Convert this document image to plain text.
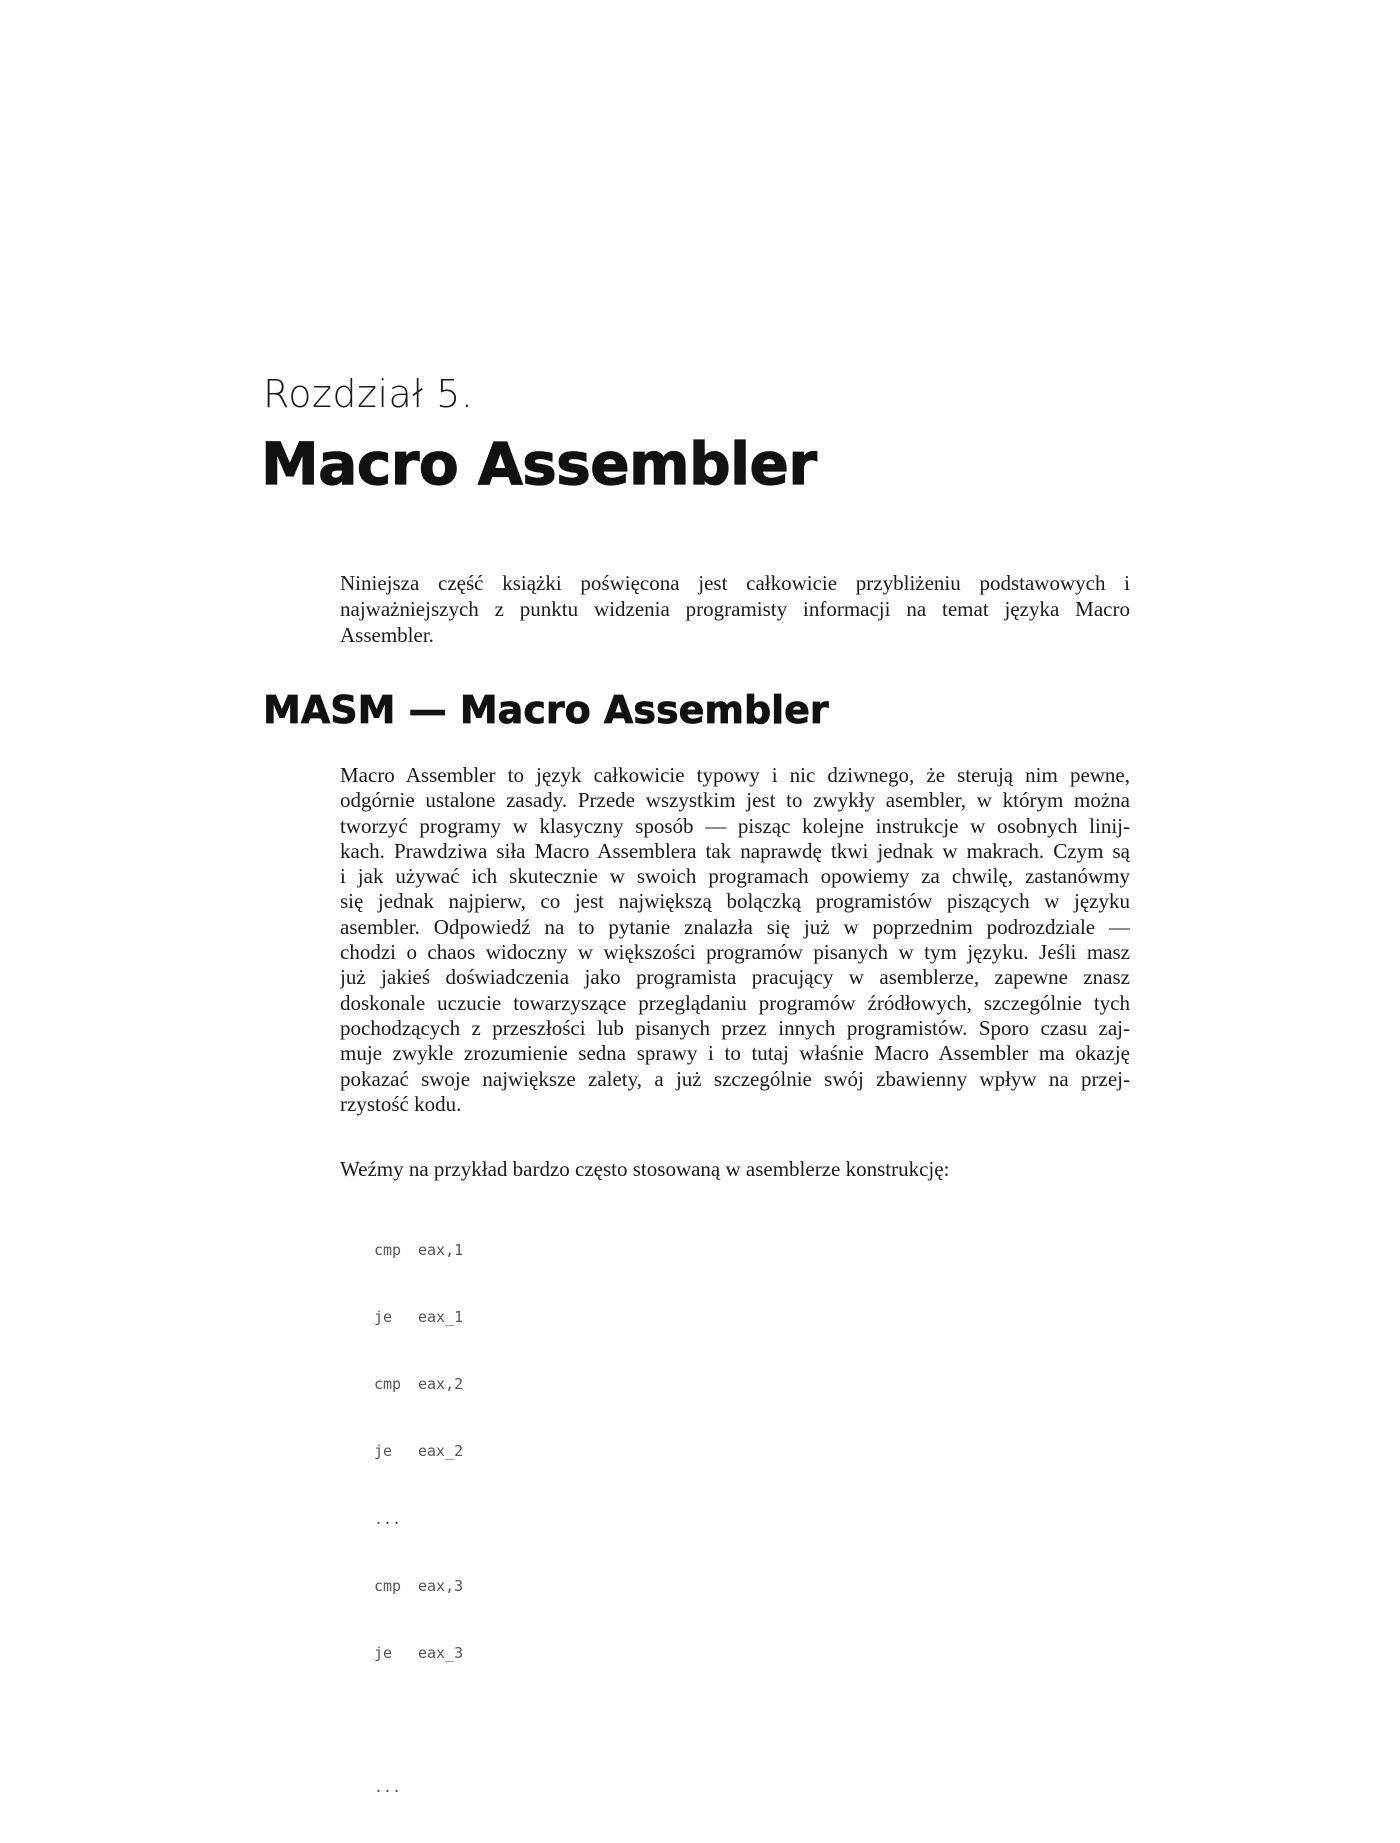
Rozdział 5.
Macro Assembler

Niniejsza część książki poświęcona jest całkowicie przybliżeniu podstawowych i najważniejszych z punktu widzenia programisty informacji na temat języka Macro Assembler.

MASM — Macro Assembler
Macro Assembler to język całkowicie typowy i nic dziwnego, że sterują nim pewne,
odgórnie ustalone zasady. Przede wszystkim jest to zwykły asembler, w którym można
tworzyć programy w klasyczny sposób — pisząc kolejne instrukcje w osobnych linij-
kach. Prawdziwa siła Macro Assemblera tak naprawdę tkwi jednak w makrach. Czym są
i jak używać ich skutecznie w swoich programach opowiemy za chwilę, zastanówmy
się jednak najpierw, co jest największą bolączką programistów piszących w języku
asembler. Odpowiedź na to pytanie znalazła się już w poprzednim podrozdziale —
chodzi o chaos widoczny w większości programów pisanych w tym języku. Jeśli masz
już jakieś doświadczenia jako programista pracujący w asemblerze, zapewne znasz
doskonale uczucie towarzyszące przeglądaniu programów źródłowych, szczególnie tych
pochodzących z przeszłości lub pisanych przez innych programistów. Sporo czasu zaj-
muje zwykle zrozumienie sedna sprawy i to tutaj właśnie Macro Assembler ma okazję
pokazać swoje największe zalety, a już szczególnie swój zbawienny wpływ na przej-
rzystość kodu.
Weźmy na przykład bardzo często stosowaną w asemblerze konstrukcję:

cmp eax,1

je eax_1

cmp eax,2

je eax_2

...

cmp eax,3

je eax_3

...
